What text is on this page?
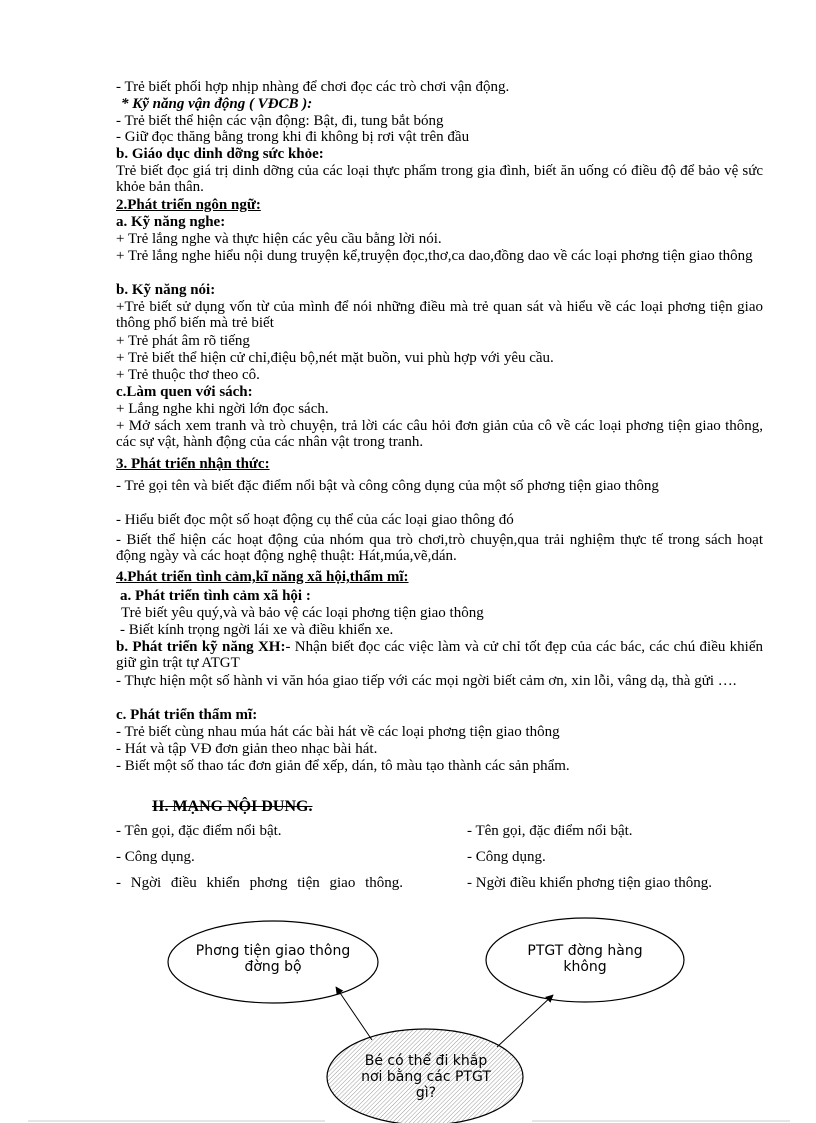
- Trẻ biết phối hợp nhịp nhàng để chơi đọc các trò chơi vận động.
* Kỹ năng vận động ( VĐCB ):
- Trẻ biết thể hiện các vận động: Bật, đi, tung bắt bóng
- Giữ đọc thăng bằng trong khi đi không bị rơi vật trên đầu
b. Giáo dục dinh dỡng sức khỏe:
Trẻ biết đọc giá trị dinh dỡng của các loại thực phẩm trong gia đình, biết ăn uống có điều độ để bảo vệ sức khỏe bản thân.
2.Phát triển ngôn ngữ:
a. Kỹ năng nghe:
+ Trẻ lắng nghe và thực hiện các yêu cầu bằng lời nói.
+ Trẻ lắng nghe hiểu nội dung truyện kể,truyện đọc,thơ,ca dao,đồng dao về các loại phơng tiện giao thông
b. Kỹ năng nói:
+Trẻ biết sử dụng vốn từ của mình để nói những điều mà trẻ quan sát và hiểu về các loại phơng tiện giao thông phổ biến mà trẻ biết
+ Trẻ phát âm rõ tiếng
+ Trẻ biết thể hiện cử chỉ,điệu bộ,nét mặt buồn, vui phù hợp với yêu cầu.
+ Trẻ thuộc thơ theo cô.
c.Làm quen với sách:
+ Lắng nghe khi ngời lớn đọc sách.
+ Mở sách xem tranh và trò chuyện, trả lời các câu hỏi đơn giản của cô về các loại phơng tiện giao thông, các sự vật, hành động của các nhân vật trong tranh.
3. Phát triển nhận thức:
- Trẻ gọi tên và biết đặc điểm nổi bật và công công dụng của một số phơng tiện giao thông
- Hiểu biết đọc một số hoạt động cụ thể của các loại giao thông đó
- Biết thể hiện các hoạt động của nhóm qua trò chơi,trò chuyện,qua trải nghiệm thực tế trong sách hoạt động ngày và các hoạt động nghệ thuật: Hát,múa,vẽ,dán.
4.Phát triển tình cảm,kĩ năng xã hội,thẩm mĩ:
a. Phát triển tình cảm xã hội :
Trẻ biết yêu quý,và và bảo vệ các loại phơng tiện giao thông
- Biết kính trọng ngời lái xe và điều khiển xe.
b. Phát triển kỹ năng XH:- Nhận biết đọc các việc làm và cử chỉ tốt đẹp của các bác, các chú điều khiển giữ gìn trật tự ATGT
- Thực hiện một số hành vi văn hóa giao tiếp với các mọi ngời biết cảm ơn, xin lỗi, vâng dạ, thà gửi ….
c. Phát triển thẩm mĩ:
- Trẻ biết cùng nhau múa hát các bài hát về các loại phơng tiện giao thông
- Hát và tập VĐ đơn giản theo nhạc bài hát.
- Biết một số thao tác đơn giản để xếp, dán, tô màu tạo thành các sản phẩm.
II. MẠNG NỘI DUNG.
- Tên gọi, đặc điểm nổi bật.
- Công dụng.
- Ngời điều khiển phơng tiện giao thông.
- Tên gọi, đặc điểm nổi bật.
- Công dụng.
- Ngời điều khiển phơng tiện giao thông.
Phơng tiện giao thông đờng bộ
PTGT đờng hàng không
Bé có thể đi khắp nơi bằng các PTGT gì?
